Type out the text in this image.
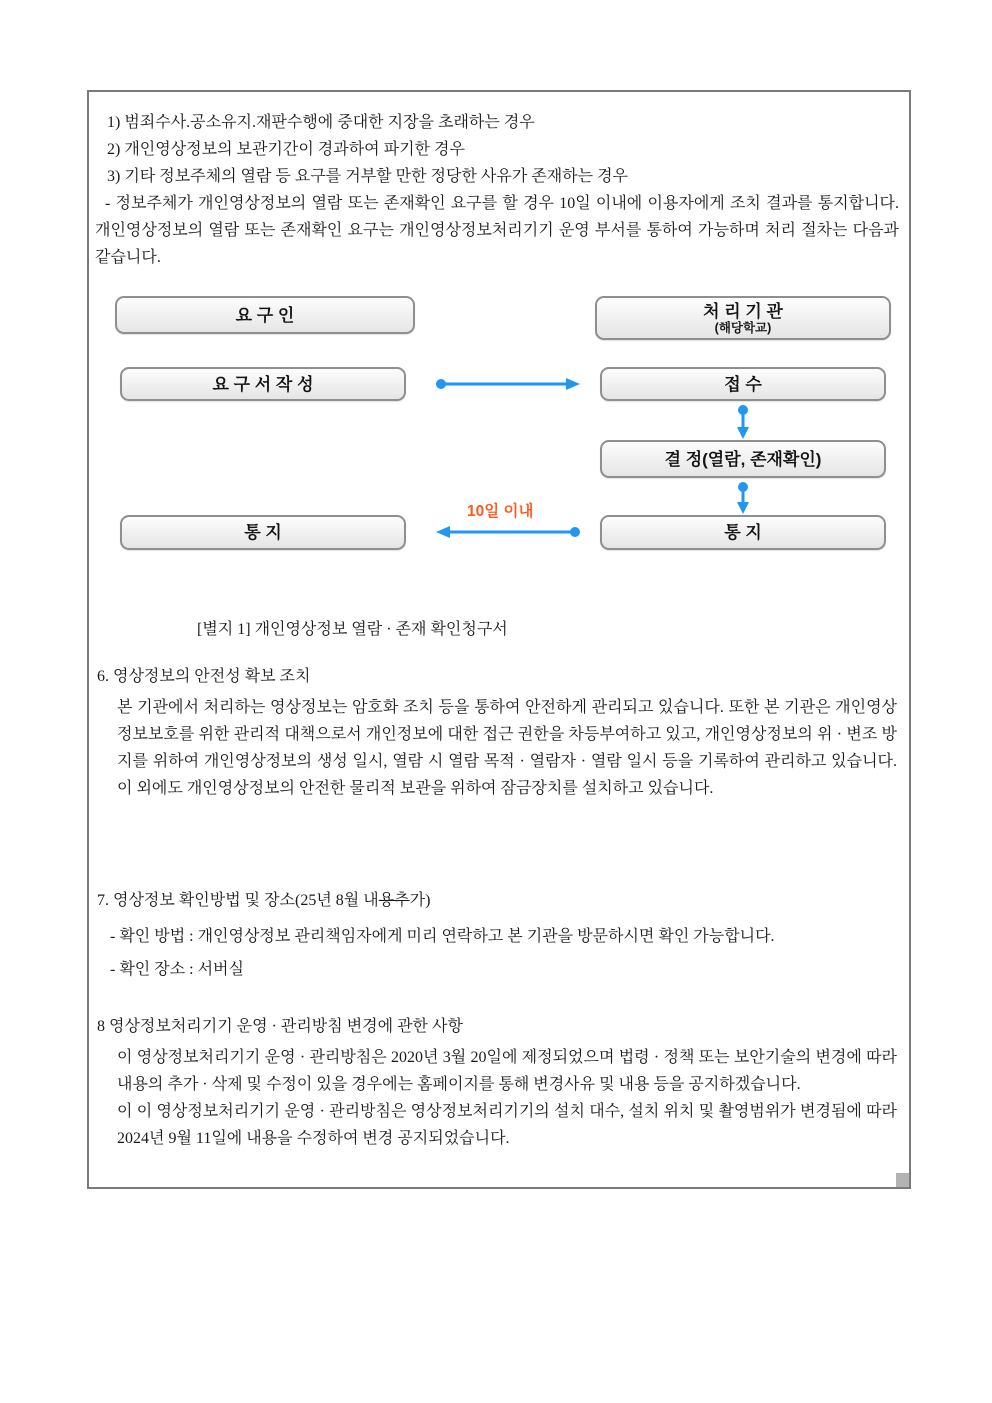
1) 범죄수사.공소유지.재판수행에 중대한 지장을 초래하는 경우
2) 개인영상정보의 보관기간이 경과하여 파기한 경우
3) 기타 정보주체의 열람 등 요구를 거부할 만한 정당한 사유가 존재하는 경우
- 정보주체가 개인영상정보의 열람 또는 존재확인 요구를 할 경우 10일 이내에 이용자에게 조치 결과를 통지합니다. 개인영상정보의 열람 또는 존재확인 요구는 개인영상정보처리기기 운영 부서를 통하여 가능하며 처리 절차는 다음과 같습니다.
요 구 인	처 리 기 관
(해당학교)
요 구 서 작 성	접 수
결 정(열람, 존재확인)
통 지	통 지
10일 이내
[별지 1] 개인영상정보 열람 · 존재 확인청구서
6. 영상정보의 안전성 확보 조치
본 기관에서 처리하는 영상정보는 암호화 조치 등을 통하여 안전하게 관리되고 있습니다. 또한 본 기관은 개인영상정보보호를 위한 관리적 대책으로서 개인정보에 대한 접근 권한을 차등부여하고 있고, 개인영상정보의 위 · 변조 방지를 위하여 개인영상정보의 생성 일시, 열람 시 열람 목적 · 열람자 · 열람 일시 등을 기록하여 관리하고 있습니다. 이 외에도 개인영상정보의 안전한 물리적 보관을 위하여 잠금장치를 설치하고 있습니다.
7. 영상정보 확인방법 및 장소(25년 8월 내용추가)
- 확인 방법 : 개인영상정보 관리책임자에게 미리 연락하고 본 기관을 방문하시면 확인 가능합니다.
- 확인 장소 : 서버실
8 영상정보처리기기 운영 · 관리방침 변경에 관한 사항
이 영상정보처리기기 운영 · 관리방침은 2020년 3월 20일에 제정되었으며 법령 · 정책 또는 보안기술의 변경에 따라 내용의 추가 · 삭제 및 수정이 있을 경우에는 홈페이지를 통해 변경사유 및 내용 등을 공지하겠습니다.
이 이 영상정보처리기기 운영 · 관리방침은 영상정보처리기기의 설치 대수, 설치 위치 및 촬영범위가 변경됨에 따라 2024년 9월 11일에 내용을 수정하여 변경 공지되었습니다.
